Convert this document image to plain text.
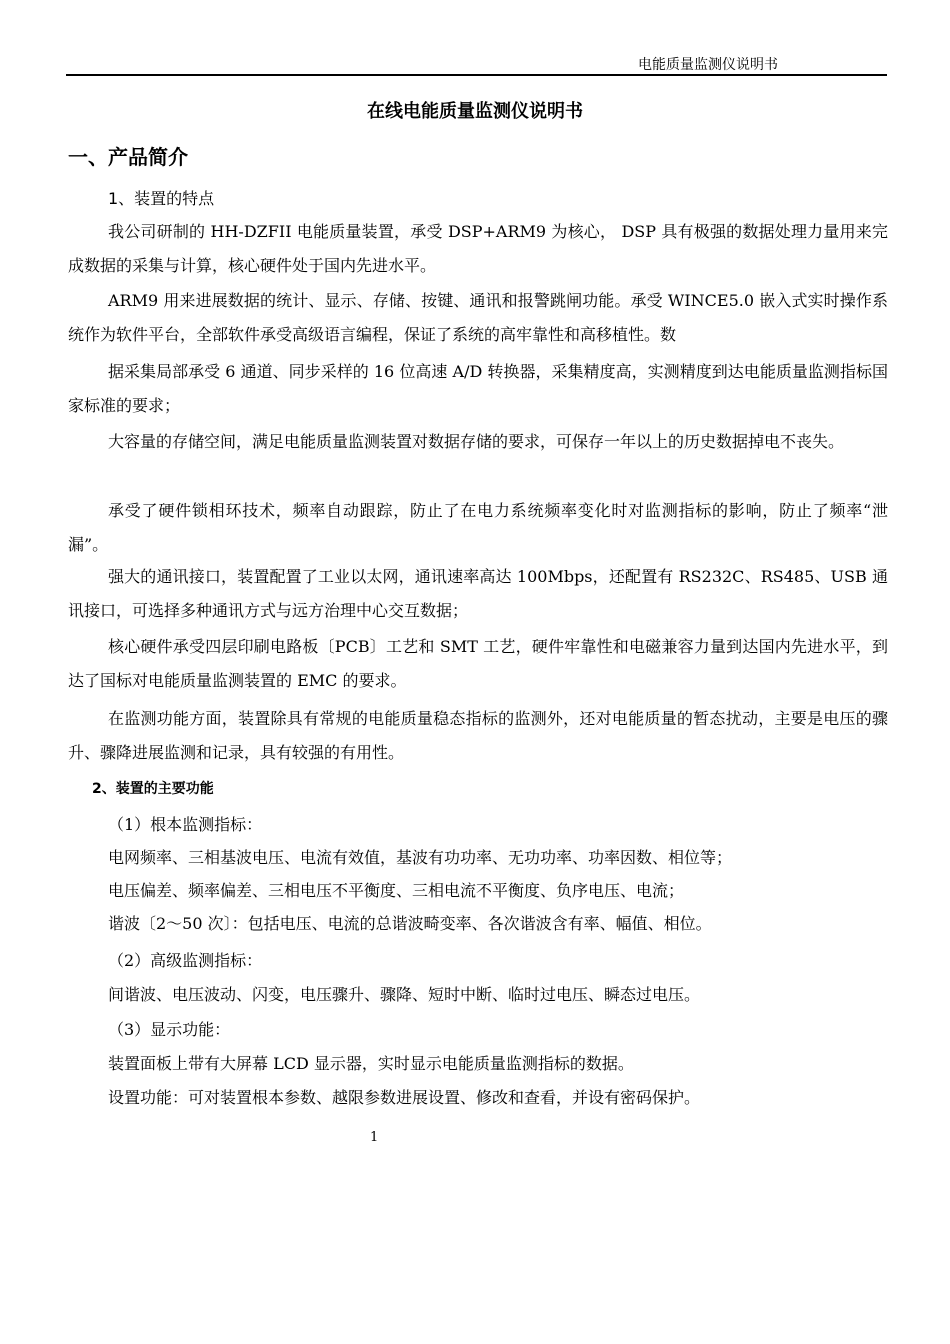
电能质量监测仪说明书
在线电能质量监测仪说明书
一、产品简介
1、装置的特点

我公司研制的 HH-DZFII 电能质量装置，承受 DSP+ARM9 为核心， DSP 具有极强的数据处理力量用来完成数据的采集与计算，核心硬件处于国内先进水平。

ARM9 用来进展数据的统计、显示、存储、按键、通讯和报警跳闸功能。承受 WINCE5.0 嵌入式实时操作系统作为软件平台，全部软件承受高级语言编程，保证了系统的高牢靠性和高移植性。数

据采集局部承受 6 通道、同步采样的 16 位高速 A/D 转换器，采集精度高，实测精度到达电能质量监测指标国家标准的要求；

大容量的存储空间，满足电能质量监测装置对数据存储的要求，可保存一年以上的历史数据掉电不丧失。

承受了硬件锁相环技术，频率自动跟踪，防止了在电力系统频率变化时对监测指标的影响，防止了频率“泄漏”。

强大的通讯接口，装置配置了工业以太网，通讯速率高达 100Mbps，还配置有 RS232C、RS485、USB 通讯接口，可选择多种通讯方式与远方治理中心交互数据；

核心硬件承受四层印刷电路板〔PCB〕工艺和 SMT 工艺，硬件牢靠性和电磁兼容力量到达国内先进水平，到达了国标对电能质量监测装置的 EMC 的要求。

在监测功能方面，装置除具有常规的电能质量稳态指标的监测外，还对电能质量的暂态扰动，主要是电压的骤升、骤降进展监测和记录，具有较强的有用性。

2、装置的主要功能
（1）根本监测指标：
电网频率、三相基波电压、电流有效值，基波有功功率、无功功率、功率因数、相位等；
电压偏差、频率偏差、三相电压不平衡度、三相电流不平衡度、负序电压、电流；
谐波〔2～50 次〕：包括电压、电流的总谐波畸变率、各次谐波含有率、幅值、相位。
（2）高级监测指标：
间谐波、电压波动、闪变，电压骤升、骤降、短时中断、临时过电压、瞬态过电压。
（3）显示功能：
装置面板上带有大屏幕 LCD 显示器，实时显示电能质量监测指标的数据。
设置功能：可对装置根本参数、越限参数进展设置、修改和查看，并设有密码保护。
1
